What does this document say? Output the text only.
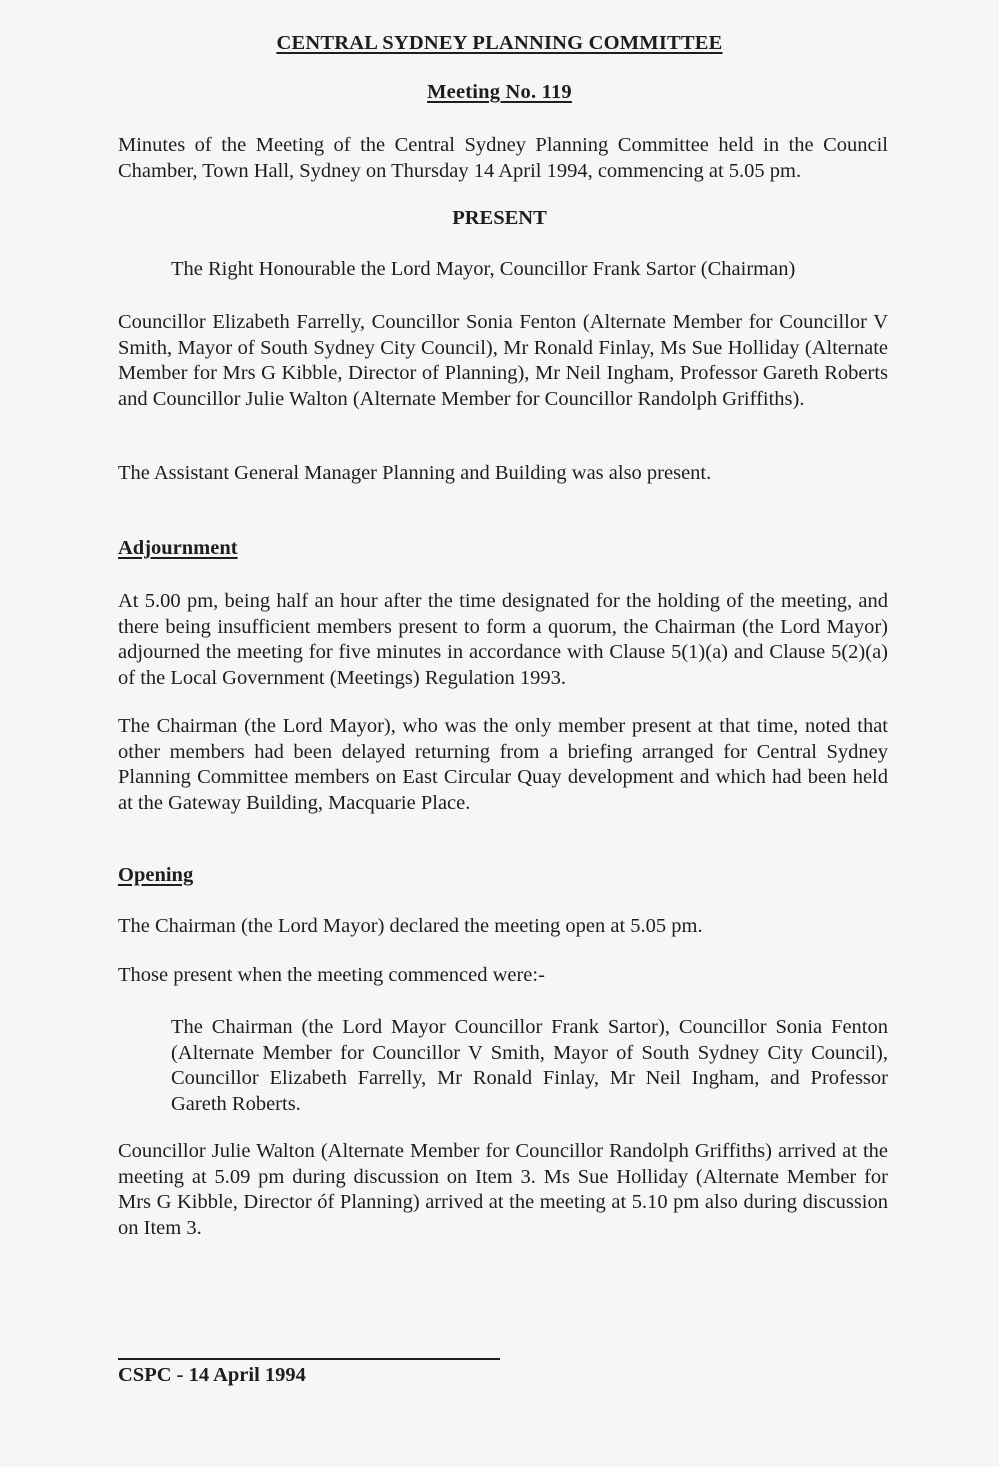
CENTRAL SYDNEY PLANNING COMMITTEE
Meeting No. 119

Minutes of the Meeting of the Central Sydney Planning Committee held in the Council Chamber, Town Hall, Sydney on Thursday 14 April 1994, commencing at 5.05 pm.

PRESENT

The Right Honourable the Lord Mayor, Councillor Frank Sartor (Chairman)

Councillor Elizabeth Farrelly, Councillor Sonia Fenton (Alternate Member for Councillor V Smith, Mayor of South Sydney City Council), Mr Ronald Finlay, Ms Sue Holliday (Alternate Member for Mrs G Kibble, Director of Planning), Mr Neil Ingham, Professor Gareth Roberts and Councillor Julie Walton (Alternate Member for Councillor Randolph Griffiths).

The Assistant General Manager Planning and Building was also present.

Adjournment

At 5.00 pm, being half an hour after the time designated for the holding of the meeting, and there being insufficient members present to form a quorum, the Chairman (the Lord Mayor) adjourned the meeting for five minutes in accordance with Clause 5(1)(a) and Clause 5(2)(a) of the Local Government (Meetings) Regulation 1993.

The Chairman (the Lord Mayor), who was the only member present at that time, noted that other members had been delayed returning from a briefing arranged for Central Sydney Planning Committee members on East Circular Quay development and which had been held at the Gateway Building, Macquarie Place.

Opening

The Chairman (the Lord Mayor) declared the meeting open at 5.05 pm.

Those present when the meeting commenced were:-

The Chairman (the Lord Mayor Councillor Frank Sartor), Councillor Sonia Fenton (Alternate Member for Councillor V Smith, Mayor of South Sydney City Council), Councillor Elizabeth Farrelly, Mr Ronald Finlay, Mr Neil Ingham, and Professor Gareth Roberts.

Councillor Julie Walton (Alternate Member for Councillor Randolph Griffiths) arrived at the meeting at 5.09 pm during discussion on Item 3. Ms Sue Holliday (Alternate Member for Mrs G Kibble, Director óf Planning) arrived at the meeting at 5.10 pm also during discussion on Item 3.

CSPC - 14 April 1994
